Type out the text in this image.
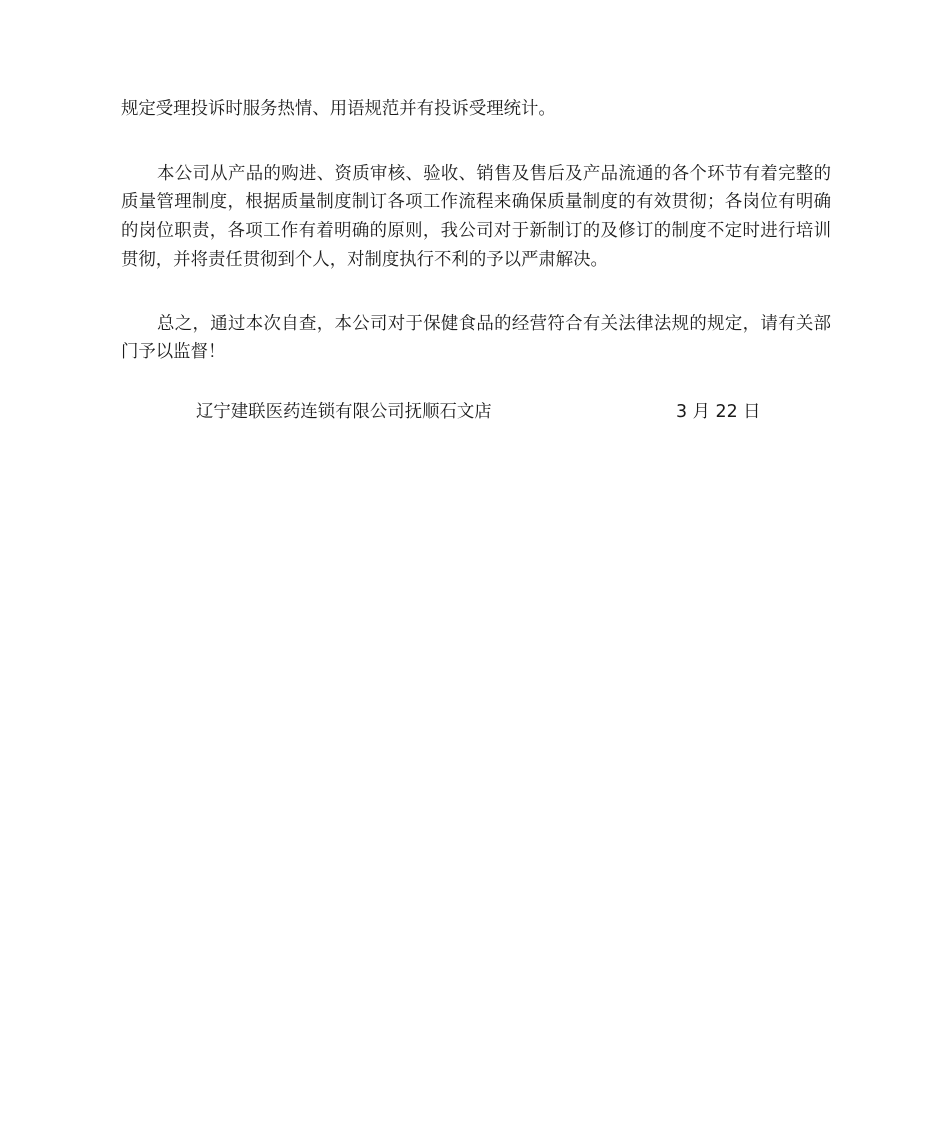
规定受理投诉时服务热情、用语规范并有投诉受理统计。

本公司从产品的购进、资质审核、验收、销售及售后及产品流通的各个环节有着完整的质量管理制度，根据质量制度制订各项工作流程来确保质量制度的有效贯彻；各岗位有明确的岗位职责，各项工作有着明确的原则，我公司对于新制订的及修订的制度不定时进行培训贯彻，并将责任贯彻到个人，对制度执行不利的予以严肃解决。

总之，通过本次自查，本公司对于保健食品的经营符合有关法律法规的规定，请有关部门予以监督！

辽宁建联医药连锁有限公司抚顺石文店	3 月 22 日
